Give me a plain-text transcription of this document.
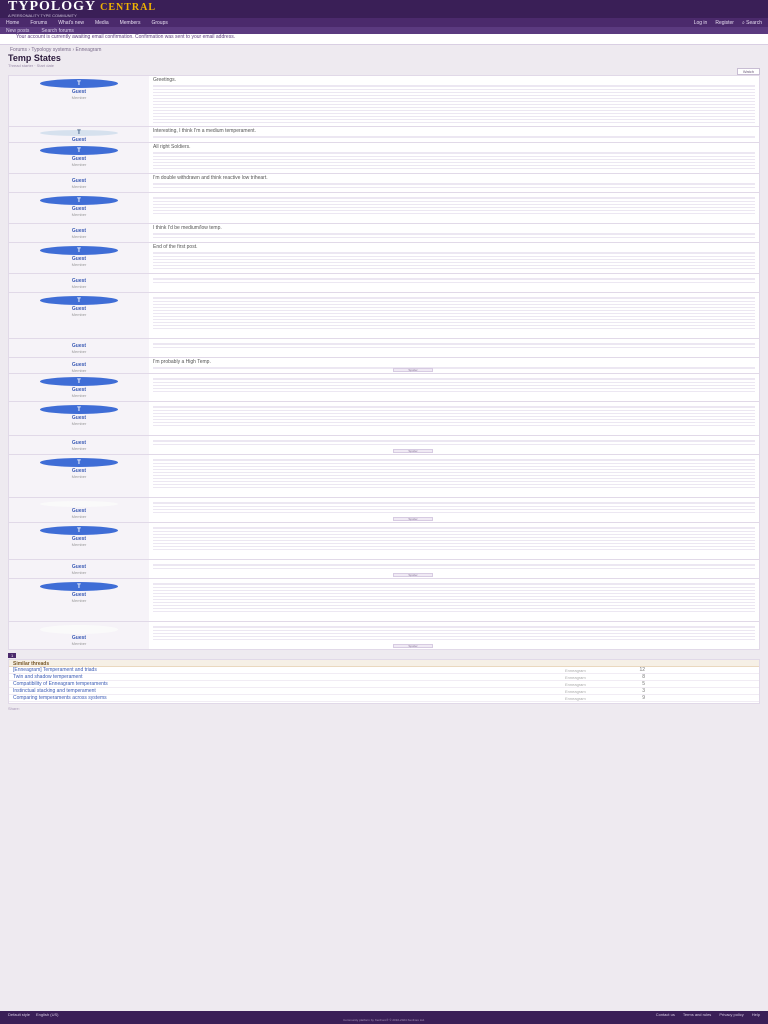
TYPOLOGY CENTRAL
A PERSONALITY TYPE COMMUNITY
Home Forums What's new Media Members Groups	Log in Register ⌕ Search
New posts Search forums
Your account is currently awaiting email confirmation. Confirmation was sent to your email address.
Forums › Typology systems › Enneagram
Temp States
Thread starter · Start date
Watch
T
Guest
Member
Greetings.
T
Guest
Interesting, I think I'm a medium temperament.
T
Guest
Member
All right Soldiers.
Guest
Member
I'm double withdrawn and think reactive low triheart.
T
Guest
Member
Guest
Member
I think I'd be medium/low temp.
T
Guest
Member
End of the first post.
Guest
Member
T
Guest
Member
Guest
Member
Guest
Member
I'm probably a High Temp.
Spoiler
T
Guest
Member
T
Guest
Member
Guest
Member	Spoiler
T
Guest
Member
Guest
Member	Spoiler
T
Guest
Member
Guest
Member	Spoiler
T
Guest
Member
Guest
Member	Spoiler
1
Similar threads
[Enneagram] Temperament and triads	Enneagram	12
Twin and shadow temperament	Enneagram	8
Compatibility of Enneagram temperaments	Enneagram	5
Instinctual stacking and temperament	Enneagram	3
Comparing temperaments across systems	Enneagram	9
Share:
Default style English (US)	Contact us Terms and rules Privacy policy Help
Community platform by XenForo® © 2010-2024 XenForo Ltd.
